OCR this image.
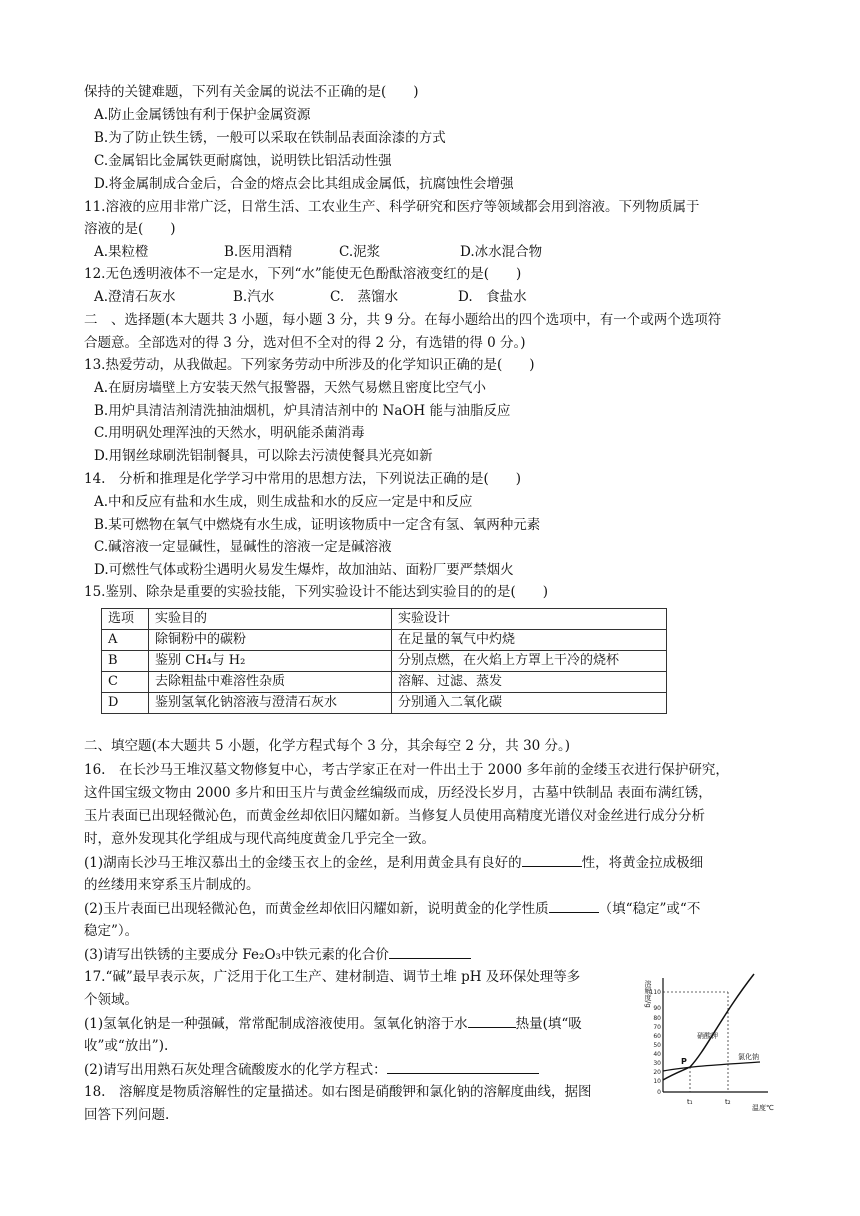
保持的关键难题，下列有关金属的说法不正确的是(　　)
A.防止金属锈蚀有利于保护金属资源
B.为了防止铁生锈，一般可以采取在铁制品表面涂漆的方式
C.金属铝比金属铁更耐腐蚀，说明铁比铝活动性强
D.将金属制成合金后，合金的熔点会比其组成金属低，抗腐蚀性会增强
11.溶液的应用非常广泛，日常生活、工农业生产、科学研究和医疗等领域都会用到溶液。下列物质属于
溶液的是(　　)
A.果粒橙	B.医用酒精	C.泥浆	D.冰水混合物
12.无色透明液体不一定是水，下列“水”能使无色酚酞溶液变红的是(　　)
A.澄清石灰水	B.汽水	C.　蒸馏水	D.　食盐水
二　、选择题(本大题共 3 小题，每小题 3 分，共 9 分。在每小题给出的四个选项中，有一个或两个选项符
合题意。全部选对的得 3 分，选对但不全对的得 2 分，有选错的得 0 分。)
13.热爱劳动，从我做起。下列家务劳动中所涉及的化学知识正确的是(　　)
A.在厨房墙壁上方安装天然气报警器，天然气易燃且密度比空气小
B.用炉具清洁剂清洗抽油烟机，炉具清洁剂中的 NaOH 能与油脂反应
C.用明矾处理浑浊的天然水，明矾能杀菌消毒
D.用钢丝球刷洗铝制餐具，可以除去污渍使餐具光亮如新
14.　分析和推理是化学学习中常用的思想方法，下列说法正确的是(　　)
A.中和反应有盐和水生成，则生成盐和水的反应一定是中和反应
B.某可燃物在氧气中燃烧有水生成，证明该物质中一定含有氢、氧两种元素
C.碱溶液一定显碱性，显碱性的溶液一定是碱溶液
D.可燃性气体或粉尘遇明火易发生爆炸，故加油站、面粉厂要严禁烟火
15.鉴别、除杂是重要的实验技能，下列实验设计不能达到实验目的的是(　　)
选项	实验目的	实验设计
A	除铜粉中的碳粉	在足量的氧气中灼烧
B	鉴别 CH₄与 H₂	分别点燃，在火焰上方罩上干冷的烧杯
C	去除粗盐中难溶性杂质	溶解、过滤、蒸发
D	鉴别氢氧化钠溶液与澄清石灰水	分别通入二氧化碳
二、填空题(本大题共 5 小题，化学方程式每个 3 分，其余每空 2 分，共 30 分。)
16.　在长沙马王堆汉墓文物修复中心，考古学家正在对一件出土于 2000 多年前的金缕玉衣进行保护研究，
这件国宝级文物由 2000 多片和田玉片与黄金丝编级而成，历经没长岁月，古墓中铁制品 表面布满红锈，
玉片表面已出现轻微沁色，而黄金丝却依旧闪耀如新。当修复人员使用高精度光谱仪对金丝进行成分分析
时，意外发现其化学组成与现代高纯度黄金几乎完全一致。
(1)湖南长沙马王堆汉慕出土的金缕玉衣上的金丝，是利用黄金具有良好的	性，将黄金拉成极细
的丝缕用来穿系玉片制成的。
(2)玉片表面已出现轻微沁色，而黄金丝却依旧闪耀如新，说明黄金的化学性质	（填“稳定”或“不
稳定”）。
(3)请写出铁锈的主要成分 Fe₂O₃中铁元素的化合价
17.“碱”最早表示灰，广泛用于化工生产、建材制造、调节土堆 pH 及环保处理等多
个领域。
(1)氢氧化钠是一种强碱，常常配制成溶液使用。氢氧化钠溶于水	热量(填“吸
收”或“放出”).
(2)请写出用熟石灰处理含硫酸废水的化学方程式：
18.　溶解度是物质溶解性的定量描述。如右图是硝酸钾和氯化钠的溶解度曲线，据图
回答下列问题.
溶解度/g
110
90
80
70
60
50
40
30
20
10
0
硝酸钾
氯化钠
P
t₁	t₂
温度℃
